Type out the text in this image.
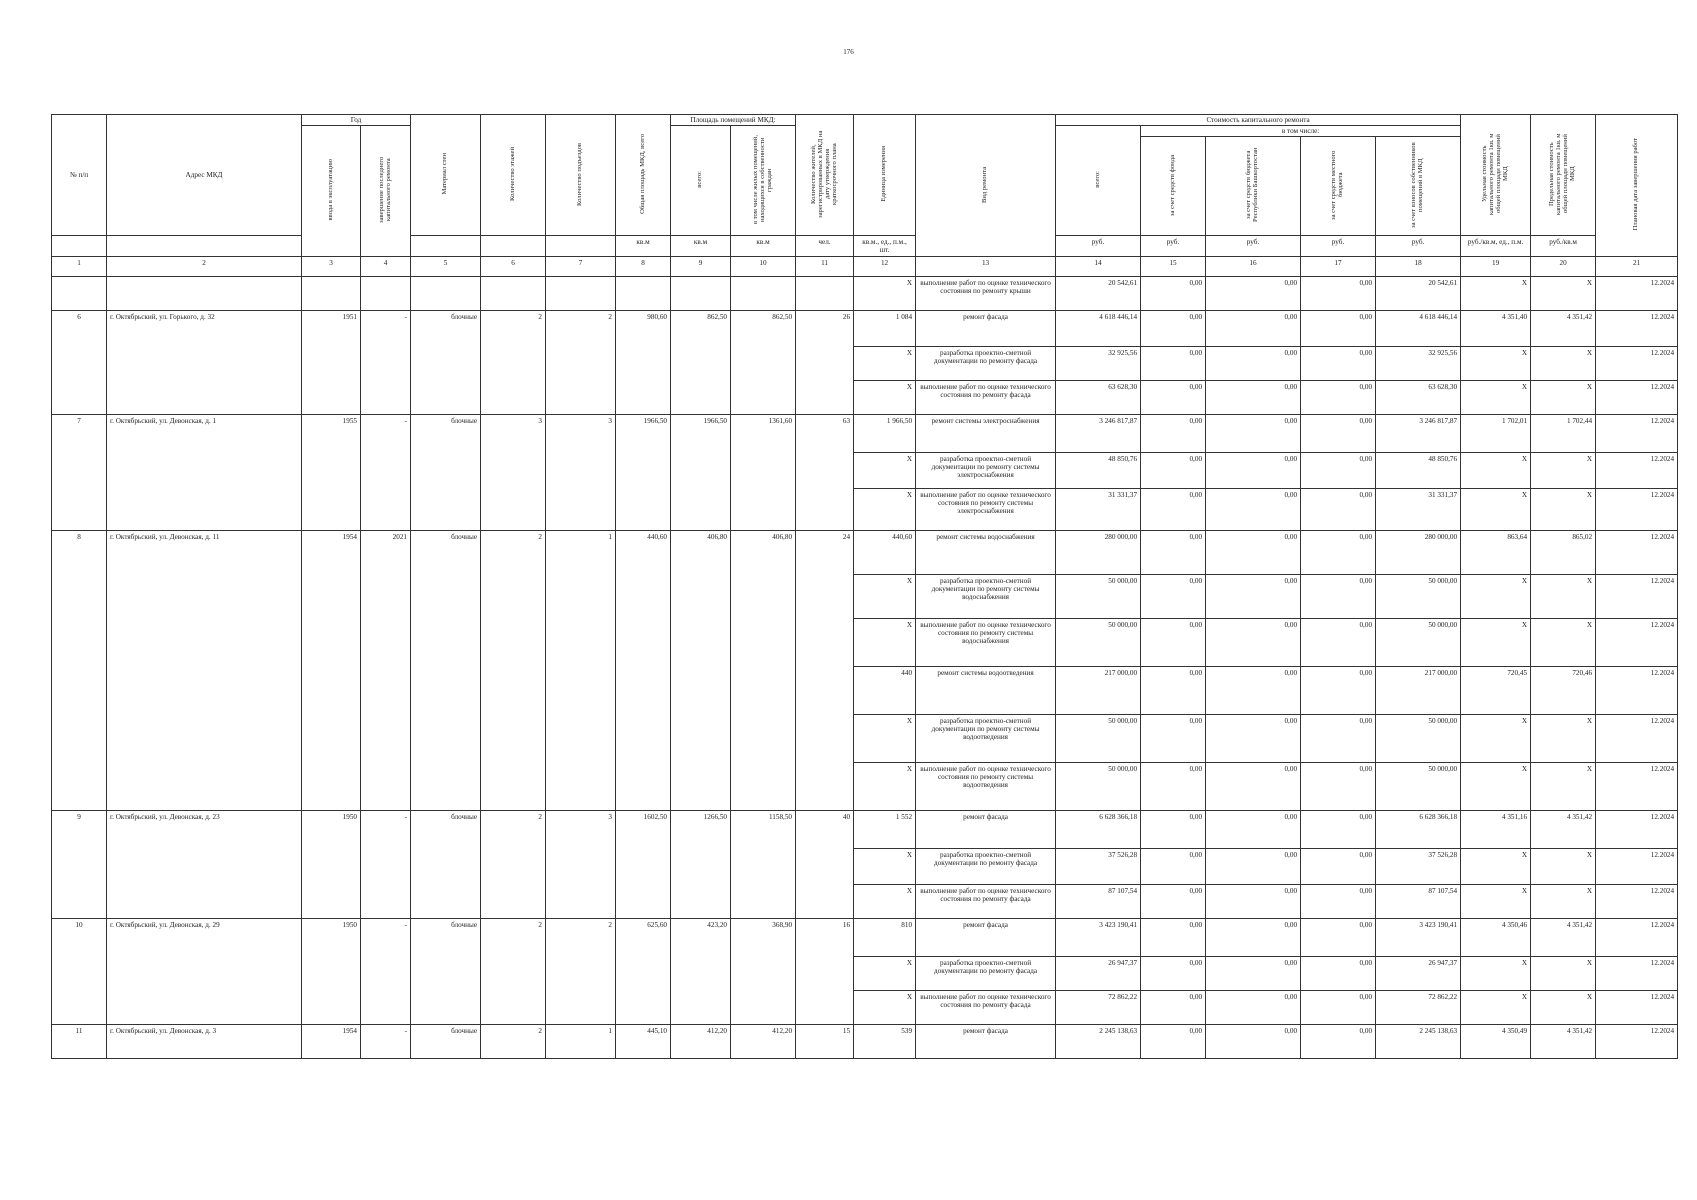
176
№ п/п	Адрес МКД	Год		Материал стен	Количество этажей	Количество подъездов	Общая площадь МКД, всего	Площадь помещений МКД:		Количество жителей, зарегистрированных в МКД на дату утверждения краткосрочного плана	Единица измерения	Вид ремонта	Стоимость капитального ремонта					Удельная стоимость капитального ремонта 1кв. м общей площади помещений МКД	Предельная стоимость капитального ремонта 1кв. м общей площади помещений МКД	Плановая дата завершения работ
		ввода в эксплуатацию	завершение последнего капитального ремонта					всего:	в том числе жилых помещений, находящихся в собственности граждан				всего:	в том числе:						
														за счет средств фонда	за счет средств бюджета Республики Башкортостан	за счет средств местного бюджета	за счет взносов собственников помещений в МКД			
							кв.м	кв.м	кв.м	чел.	кв.м., ед., п.м., шт.		руб.	руб.	руб.	руб.	руб.	руб./кв.м, ед., п.м.	руб./кв.м	
1	2	3	4	5	6	7	8	9	10	11	12	13	14	15	16	17	18	19	20	21
											X	выполнение работ по оценке технического состояния по ремонту крыши	20 542,61	0,00	0,00	0,00	20 542,61	X	X	12.2024
6	г. Октябрьский, ул. Горького, д. 32	1951	-	блочные	2	2	980,60	862,50	862,50	26	1 084	ремонт фасада	4 618 446,14	0,00	0,00	0,00	4 618 446,14	4 351,40	4 351,42	12.2024
											X	разработка проектно-сметной документации по ремонту фасада	32 925,56	0,00	0,00	0,00	32 925,56	X	X	12.2024
											X	выполнение работ по оценке технического состояния по ремонту фасада	63 628,30	0,00	0,00	0,00	63 628,30	X	X	12.2024
7	г. Октябрьский, ул. Девонская, д. 1	1955	-	блочные	3	3	1966,50	1966,50	1361,60	63	1 966,50	ремонт системы электроснабжения	3 246 817,87	0,00	0,00	0,00	3 246 817,87	1 702,01	1 702,44	12.2024
											X	разработка проектно-сметной документации по ремонту системы электроснабжения	48 850,76	0,00	0,00	0,00	48 850,76	X	X	12.2024
											X	выполнение работ по оценке технического состояния по ремонту системы электроснабжения	31 331,37	0,00	0,00	0,00	31 331,37	X	X	12.2024
8	г. Октябрьский, ул. Девонская, д. 11	1954	2021	блочные	2	1	440,60	406,80	406,80	24	440,60	ремонт системы водоснабжения	280 000,00	0,00	0,00	0,00	280 000,00	863,64	865,02	12.2024
											X	разработка проектно-сметной документации по ремонту системы водоснабжения	50 000,00	0,00	0,00	0,00	50 000,00	X	X	12.2024
											X	выполнение работ по оценке технического состояния по ремонту системы водоснабжения	50 000,00	0,00	0,00	0,00	50 000,00	X	X	12.2024
											440	ремонт системы водоотведения	217 000,00	0,00	0,00	0,00	217 000,00	720,45	720,46	12.2024
											X	разработка проектно-сметной документации по ремонту системы водоотведения	50 000,00	0,00	0,00	0,00	50 000,00	X	X	12.2024
											X	выполнение работ по оценке технического состояния по ремонту системы водоотведения	50 000,00	0,00	0,00	0,00	50 000,00	X	X	12.2024
9	г. Октябрьский, ул. Девонская, д. 23	1950	-	блочные	2	3	1602,50	1266,50	1158,50	40	1 552	ремонт фасада	6 628 366,18	0,00	0,00	0,00	6 628 366,18	4 351,16	4 351,42	12.2024
											X	разработка проектно-сметной документации по ремонту фасада	37 526,28	0,00	0,00	0,00	37 526,28	X	X	12.2024
											X	выполнение работ по оценке технического состояния по ремонту фасада	87 107,54	0,00	0,00	0,00	87 107,54	X	X	12.2024
10	г. Октябрьский, ул. Девонская, д. 29	1950	-	блочные	2	2	625,60	423,20	368,90	16	810	ремонт фасада	3 423 190,41	0,00	0,00	0,00	3 423 190,41	4 350,46	4 351,42	12.2024
											X	разработка проектно-сметной документации по ремонту фасада	26 947,37	0,00	0,00	0,00	26 947,37	X	X	12.2024
											X	выполнение работ по оценке технического состояния по ремонту фасада	72 862,22	0,00	0,00	0,00	72 862,22	X	X	12.2024
11	г. Октябрьский, ул. Девонская, д. 3	1954	-	блочные	2	1	445,10	412,20	412,20	15	539	ремонт фасада	2 245 138,63	0,00	0,00	0,00	2 245 138,63	4 350,49	4 351,42	12.2024
